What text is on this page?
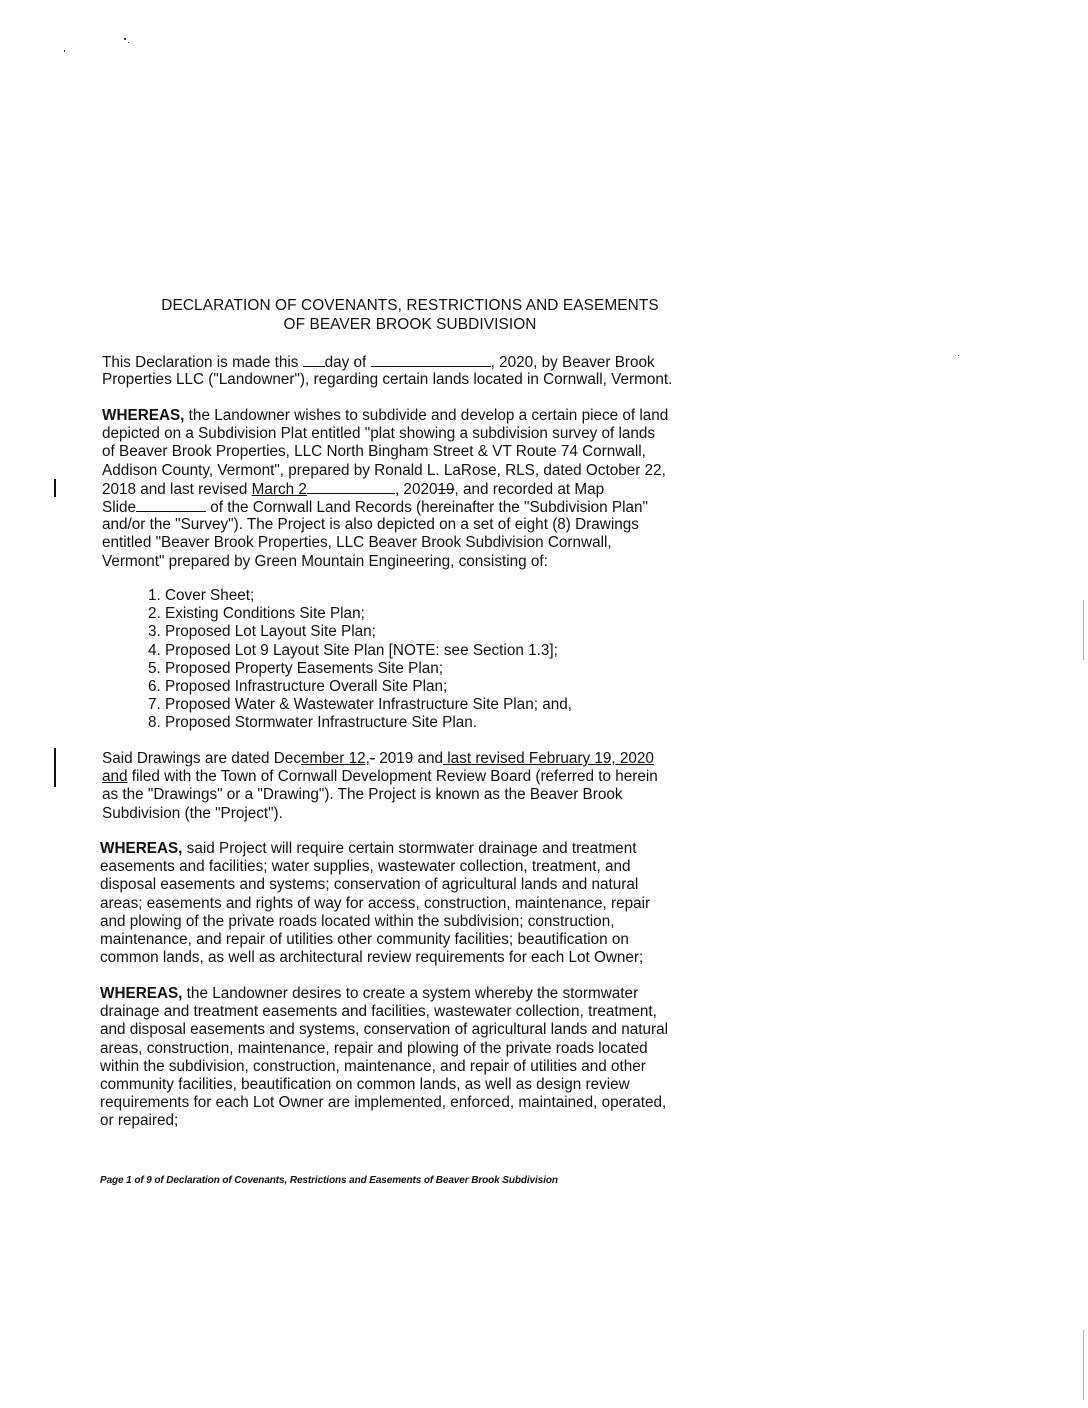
DECLARATION OF COVENANTS, RESTRICTIONS AND EASEMENTS
OF BEAVER BROOK SUBDIVISION
This Declaration is made this day of	, 2020, by Beaver Brook
Properties LLC ("Landowner"), regarding certain lands located in Cornwall, Vermont.
WHEREAS, the Landowner wishes to subdivide and develop a certain piece of land
depicted on a Subdivision Plat entitled "plat showing a subdivision survey of lands
of Beaver Brook Properties, LLC North Bingham Street & VT Route 74 Cornwall,
Addison County, Vermont", prepared by Ronald L. LaRose, RLS, dated October 22,
2018 and last revised March 2	, 202019, and recorded at Map
Slide	of the Cornwall Land Records (hereinafter the "Subdivision Plan"
and/or the "Survey"). The Project is also depicted on a set of eight (8) Drawings
entitled "Beaver Brook Properties, LLC Beaver Brook Subdivision Cornwall,
Vermont" prepared by Green Mountain Engineering, consisting of:
1. Cover Sheet;
2. Existing Conditions Site Plan;
3. Proposed Lot Layout Site Plan;
4. Proposed Lot 9 Layout Site Plan [NOTE: see Section 1.3];
5. Proposed Property Easements Site Plan;
6. Proposed Infrastructure Overall Site Plan;
7. Proposed Water & Wastewater Infrastructure Site Plan; and,
8. Proposed Stormwater Infrastructure Site Plan.
Said Drawings are dated December 12,- 2019 and last revised February 19, 2020
and filed with the Town of Cornwall Development Review Board (referred to herein
as the "Drawings" or a "Drawing"). The Project is known as the Beaver Brook
Subdivision (the "Project").
WHEREAS, said Project will require certain stormwater drainage and treatment
easements and facilities; water supplies, wastewater collection, treatment, and
disposal easements and systems; conservation of agricultural lands and natural
areas; easements and rights of way for access, construction, maintenance, repair
and plowing of the private roads located within the subdivision; construction,
maintenance, and repair of utilities other community facilities; beautification on
common lands, as well as architectural review requirements for each Lot Owner;
WHEREAS, the Landowner desires to create a system whereby the stormwater
drainage and treatment easements and facilities, wastewater collection, treatment,
and disposal easements and systems, conservation of agricultural lands and natural
areas, construction, maintenance, repair and plowing of the private roads located
within the subdivision, construction, maintenance, and repair of utilities and other
community facilities, beautification on common lands, as well as design review
requirements for each Lot Owner are implemented, enforced, maintained, operated,
or repaired;
Page 1 of 9 of Declaration of Covenants, Restrictions and Easements of Beaver Brook Subdivision
